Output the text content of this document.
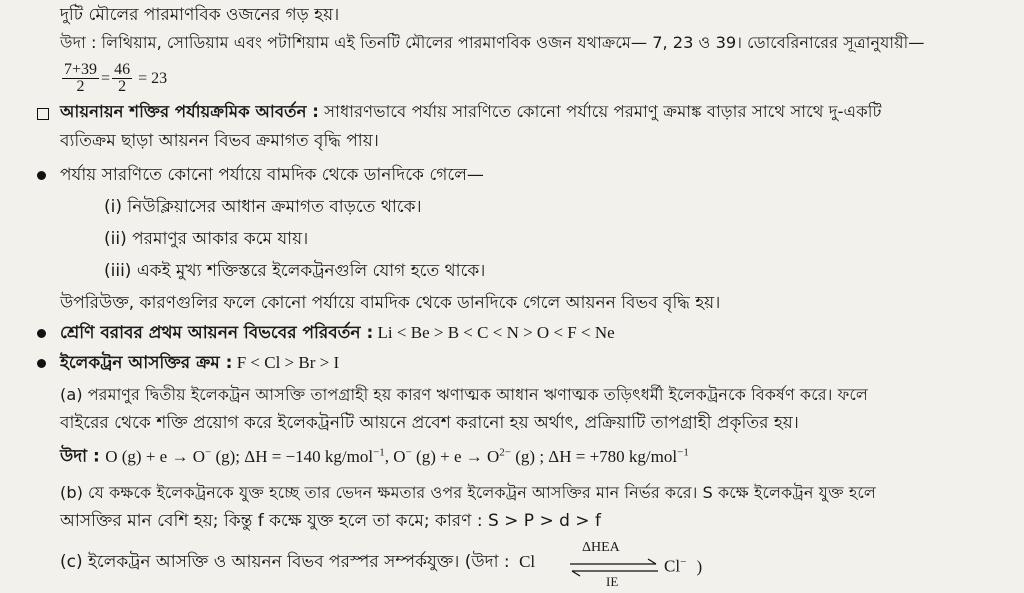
দুটি মৌলের পারমাণবিক ওজনের গড় হয়।
উদা : লিথিয়াম, সোডিয়াম এবং পটাশিয়াম এই তিনটি মৌলের পারমাণবিক ওজন যথাক্রমে— 7, 23 ও 39। ডোবেরিনারের সূত্রানুযায়ী—
$\frac{7+39}{2} = \frac{46}{2} = 23$
আয়নায়ন শক্তির পর্যায়ক্রমিক আবর্তন : সাধারণভাবে পর্যায় সারণিতে কোনো পর্যায়ে পরমাণু ক্রমাঙ্ক বাড়ার সাথে সাথে দু-একটি
ব্যতিক্রম ছাড়া আয়নন বিভব ক্রমাগত বৃদ্ধি পায়।
পর্যায় সারণিতে কোনো পর্যায়ে বামদিক থেকে ডানদিকে গেলে—
(i) নিউক্লিয়াসের আধান ক্রমাগত বাড়তে থাকে।
(ii) পরমাণুর আকার কমে যায়।
(iii) একই মুখ্য শক্তিস্তরে ইলেকট্রনগুলি যোগ হতে থাকে।
উপরিউক্ত, কারণগুলির ফলে কোনো পর্যায়ে বামদিক থেকে ডানদিকে গেলে আয়নন বিভব বৃদ্ধি হয়।
শ্রেণি বরাবর প্রথম আয়নন বিভবের পরিবর্তন : Li < Be > B < C < N > O < F < Ne
ইলেকট্রন আসক্তির ক্রম : F < Cl > Br > I
(a) পরমাণুর দ্বিতীয় ইলেকট্রন আসক্তি তাপগ্রাহী হয় কারণ ঋণাত্মক আধান ঋণাত্মক তড়িৎধর্মী ইলেকট্রনকে বিকর্ষণ করে। ফলে
বাইরের থেকে শক্তি প্রয়োগ করে ইলেকট্রনটি আয়নে প্রবেশ করানো হয় অর্থাৎ, প্রক্রিয়াটি তাপগ্রাহী প্রকৃতির হয়।
উদা : O (g) + e → O− (g); ΔH = −140 kg/mol$^{-1}$, O− $(g) + e \to O^{2-}$ (g) ; ΔH = +780 kg/mol$^{-1}$
(b) যে কক্ষকে ইলেকট্রনকে যুক্ত হচ্ছে তার ভেদন ক্ষমতার ওপর ইলেকট্রন আসক্তির মান নির্ভর করে। S কক্ষে ইলেকট্রন যুক্ত হলে
আসক্তির মান বেশি হয়; কিন্তু f কক্ষে যুক্ত হলে তা কমে; কারণ : S > P > d > f
(c) ইলেকট্রন আসক্তি ও আয়নন বিভব পরস্পর সম্পর্কযুক্ত। (উদা : Cl
ΔHEA
IE
Cl− )
